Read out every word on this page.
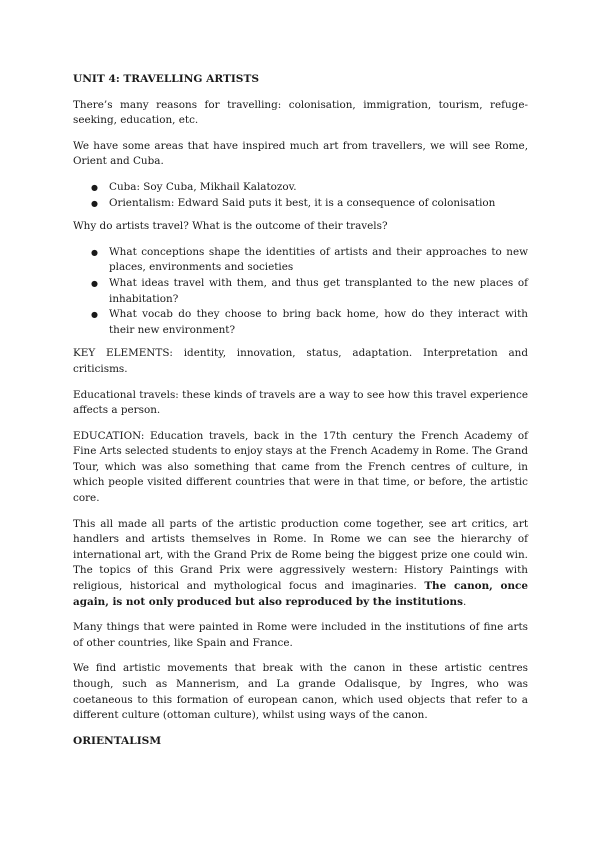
UNIT 4: TRAVELLING ARTISTS

There’s many reasons for travelling: colonisation, immigration, tourism, refuge-seeking, education, etc.

We have some areas that have inspired much art from travellers, we will see Rome, Orient and Cuba.

● Cuba: Soy Cuba, Mikhail Kalatozov.
● Orientalism: Edward Said puts it best, it is a consequence of colonisation

Why do artists travel? What is the outcome of their travels?

● What conceptions shape the identities of artists and their approaches to new places, environments and societies
● What ideas travel with them, and thus get transplanted to the new places of inhabitation?
● What vocab do they choose to bring back home, how do they interact with their new environment?

KEY ELEMENTS: identity, innovation, status, adaptation. Interpretation and criticisms.

Educational travels: these kinds of travels are a way to see how this travel experience affects a person.

EDUCATION: Education travels, back in the 17th century the French Academy of Fine Arts selected students to enjoy stays at the French Academy in Rome. The Grand Tour, which was also something that came from the French centres of culture, in which people visited different countries that were in that time, or before, the artistic core.

This all made all parts of the artistic production come together, see art critics, art handlers and artists themselves in Rome. In Rome we can see the hierarchy of international art, with the Grand Prix de Rome being the biggest prize one could win. The topics of this Grand Prix were aggressively western: History Paintings with religious, historical and mythological focus and imaginaries. The canon, once again, is not only produced but also reproduced by the institutions.

Many things that were painted in Rome were included in the institutions of fine arts of other countries, like Spain and France.

We find artistic movements that break with the canon in these artistic centres though, such as Mannerism, and La grande Odalisque, by Ingres, who was coetaneous to this formation of european canon, which used objects that refer to a different culture (ottoman culture), whilst using ways of the canon.

ORIENTALISM
